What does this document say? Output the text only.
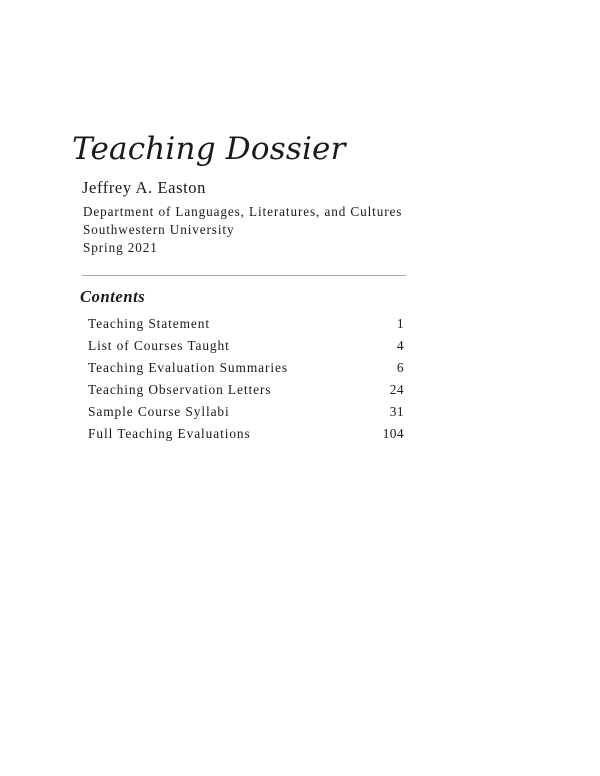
Teaching Dossier
Jeffrey A. Easton
Department of Languages, Literatures, and Cultures
Southwestern University
Spring 2021
Contents
Teaching Statement	1
List of Courses Taught	4
Teaching Evaluation Summaries	6
Teaching Observation Letters	24
Sample Course Syllabi	31
Full Teaching Evaluations	104
